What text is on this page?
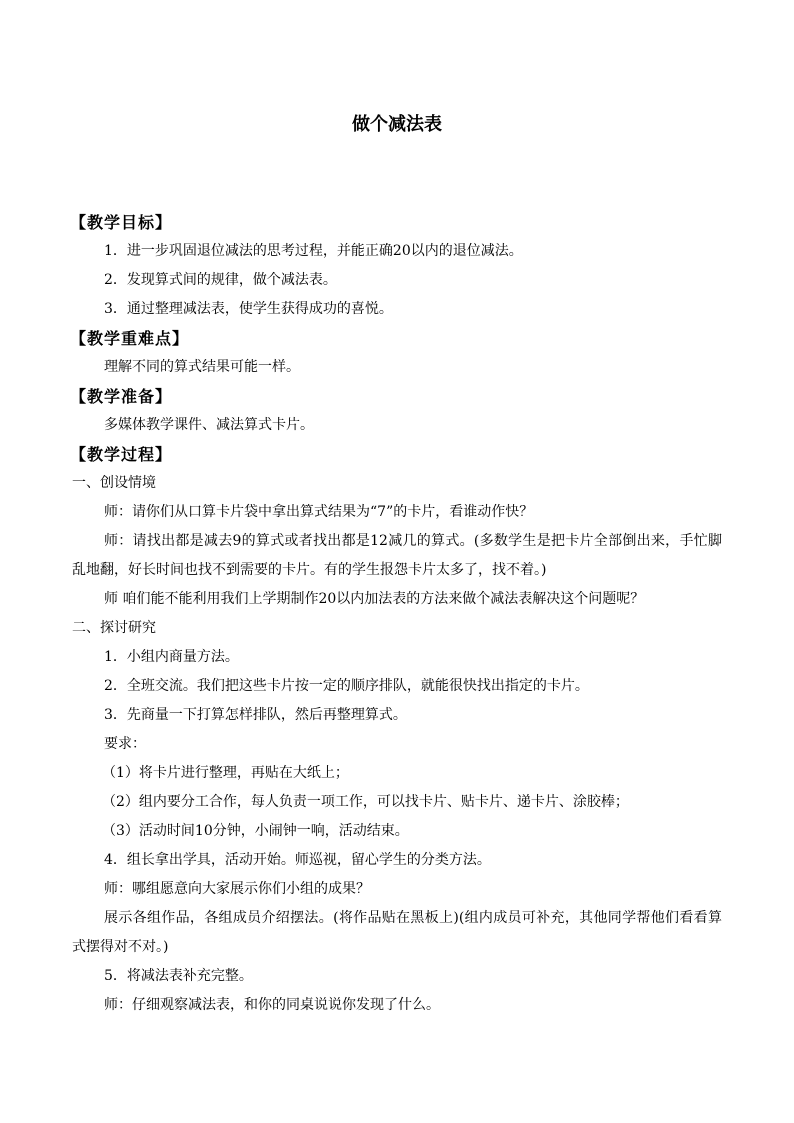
做个减法表

【教学目标】

1．进一步巩固退位减法的思考过程，并能正确20以内的退位减法。

2．发现算式间的规律，做个减法表。

3．通过整理减法表，使学生获得成功的喜悦。

【教学重难点】

理解不同的算式结果可能一样。

【教学准备】

多媒体教学课件、减法算式卡片。

【教学过程】

一、创设情境

师：请你们从口算卡片袋中拿出算式结果为“7”的卡片，看谁动作快？

师：请找出都是减去9的算式或者找出都是12减几的算式。(多数学生是把卡片全部倒出来，手忙脚乱地翻，好长时间也找不到需要的卡片。有的学生报怨卡片太多了，找不着。)

师 咱们能不能利用我们上学期制作20以内加法表的方法来做个减法表解决这个问题呢？

二、探讨研究

1．小组内商量方法。

2．全班交流。我们把这些卡片按一定的顺序排队，就能很快找出指定的卡片。

3．先商量一下打算怎样排队，然后再整理算式。

要求：

（1）将卡片进行整理，再贴在大纸上；

（2）组内要分工合作，每人负责一项工作，可以找卡片、贴卡片、递卡片、涂胶棒；

（3）活动时间10分钟，小闹钟一响，活动结束。

4．组长拿出学具，活动开始。师巡视，留心学生的分类方法。

师：哪组愿意向大家展示你们小组的成果？

展示各组作品，各组成员介绍摆法。(将作品贴在黑板上)(组内成员可补充，其他同学帮他们看看算式摆得对不对。)

5．将减法表补充完整。

师：仔细观察减法表，和你的同桌说说你发现了什么。
